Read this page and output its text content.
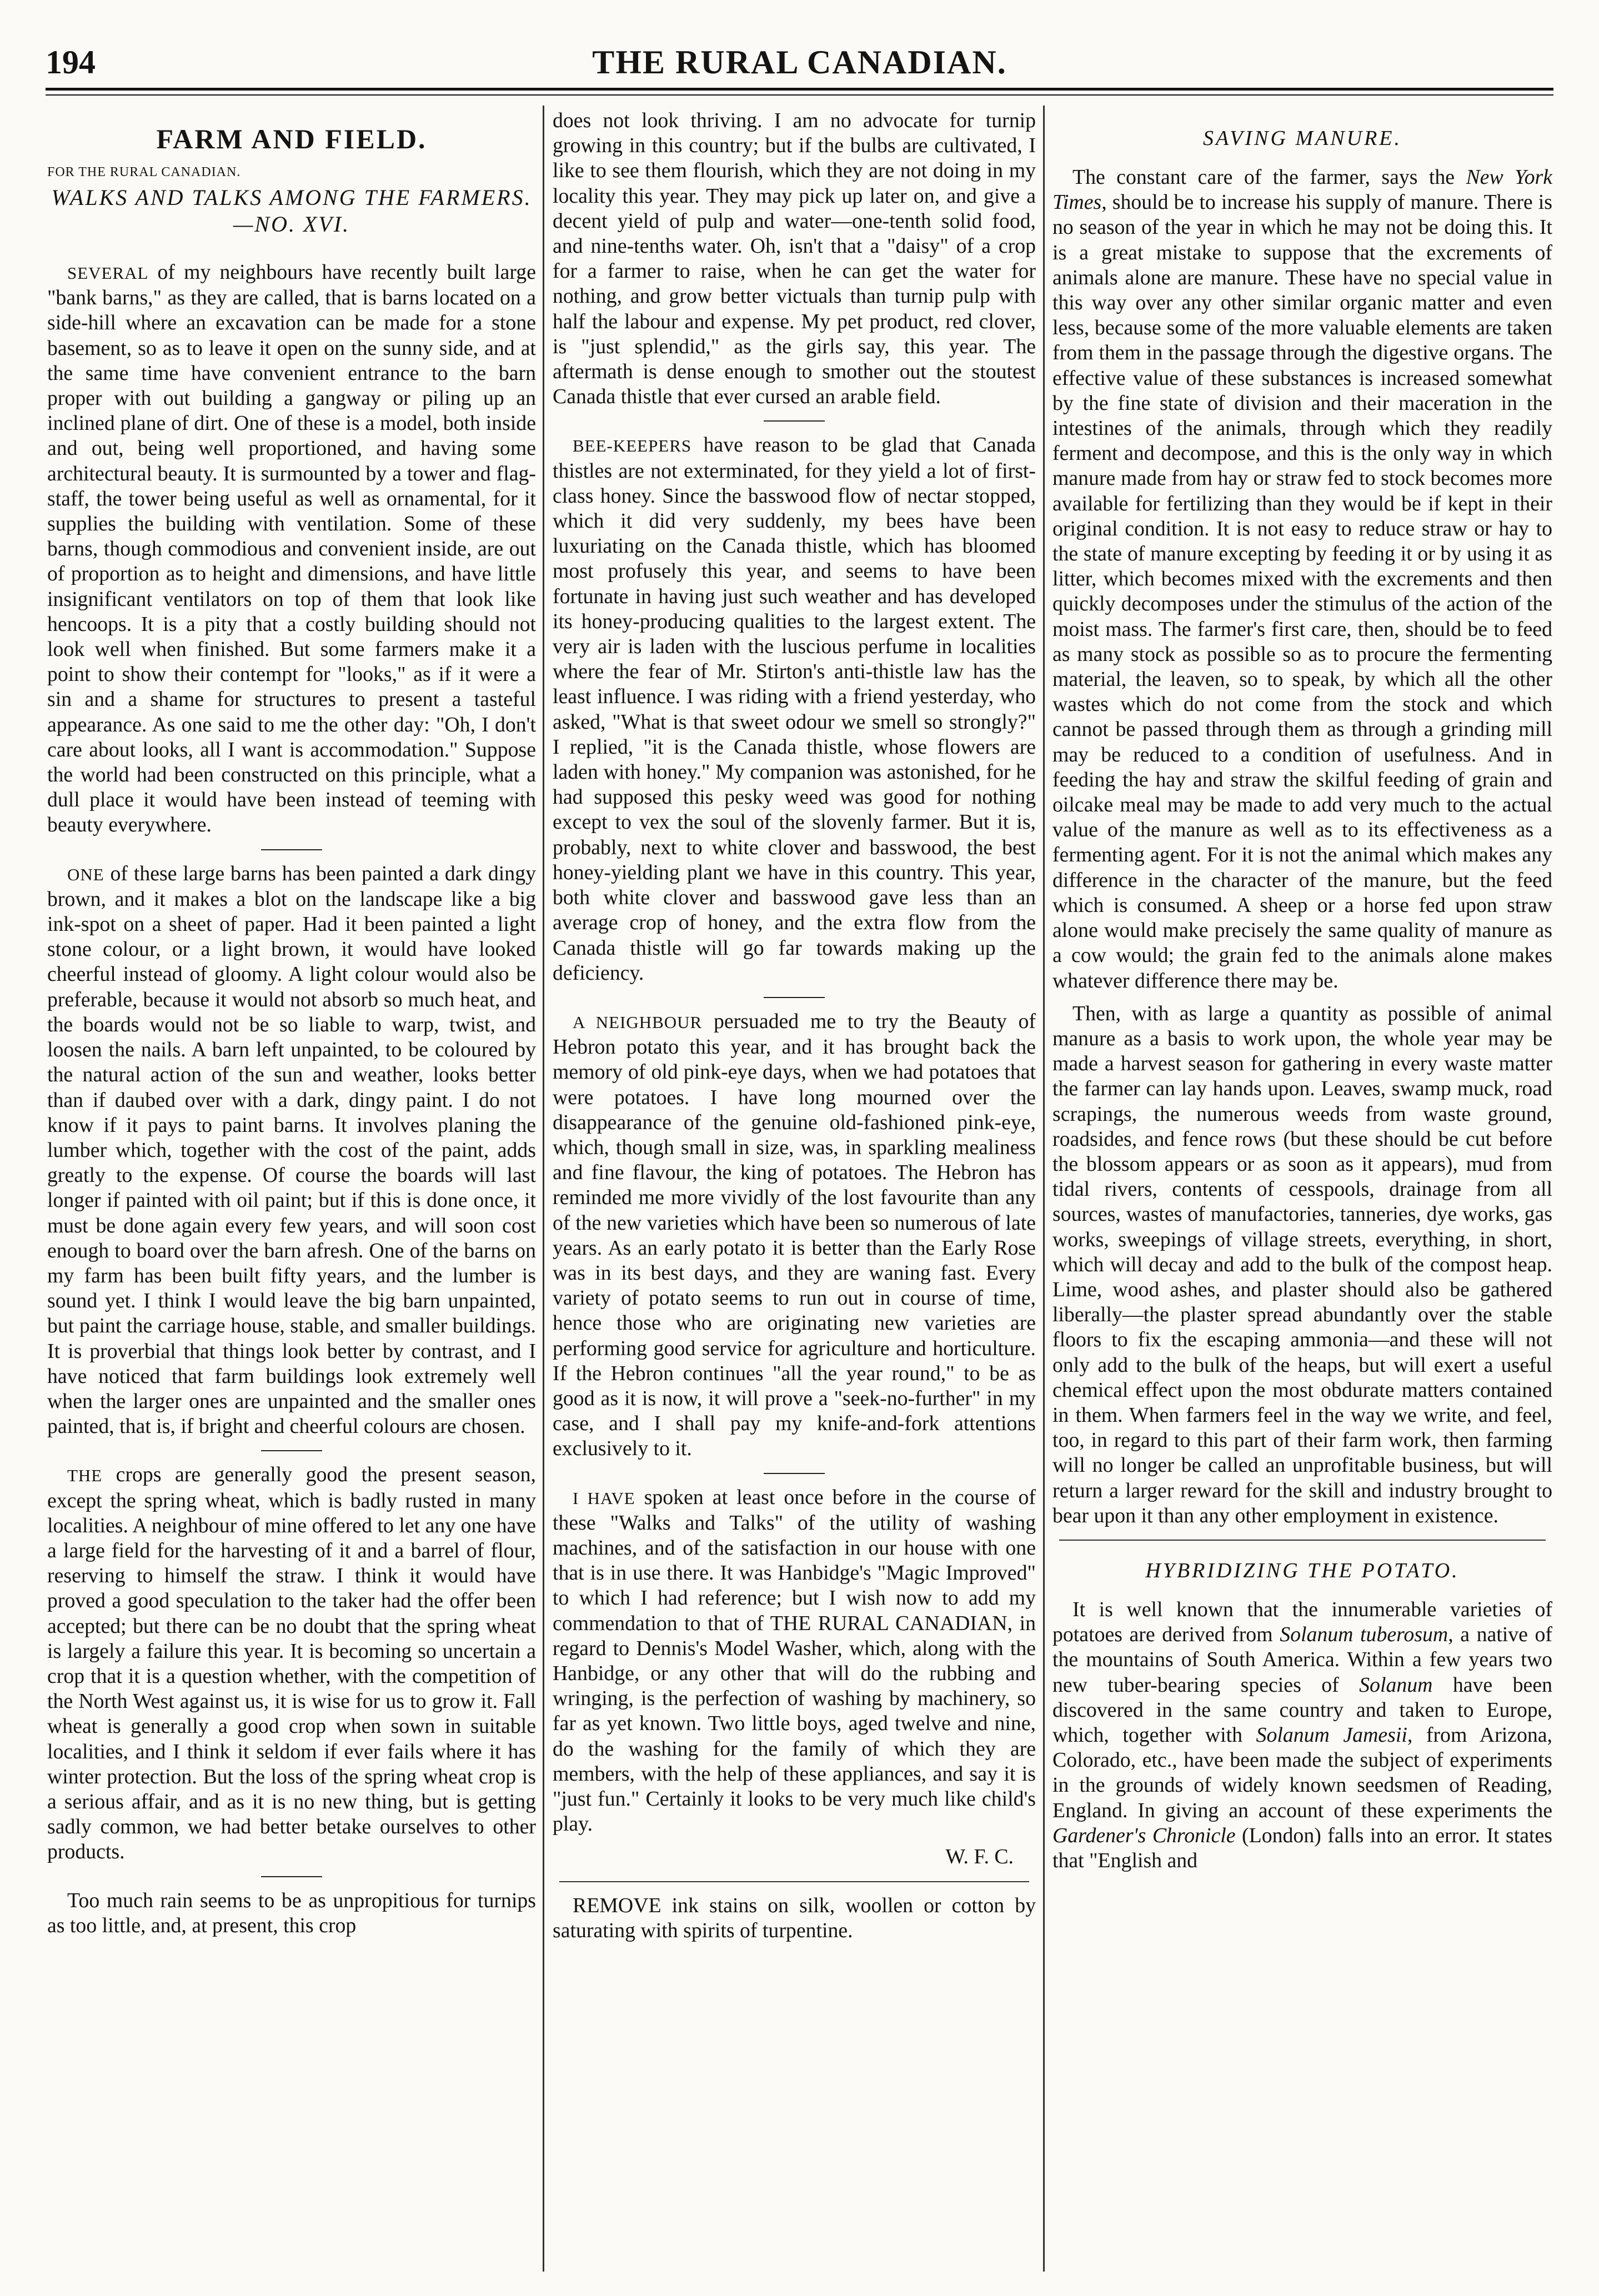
194	THE RURAL CANADIAN.
FARM AND FIELD.
FOR THE RURAL CANADIAN.
WALKS AND TALKS AMONG THE FARMERS.—NO. XVI.

SEVERAL of my neighbours have recently built large "bank barns," as they are called, that is barns located on a side-hill where an excavation can be made for a stone basement, so as to leave it open on the sunny side, and at the same time have convenient entrance to the barn proper with out building a gangway or piling up an inclined plane of dirt. One of these is a model, both inside and out, being well proportioned, and having some architectural beauty. It is surmounted by a tower and flag-staff, the tower being useful as well as ornamental, for it supplies the building with ventilation. Some of these barns, though commodious and convenient inside, are out of proportion as to height and dimensions, and have little insignificant ventilators on top of them that look like hencoops. It is a pity that a costly building should not look well when finished. But some farmers make it a point to show their contempt for "looks," as if it were a sin and a shame for structures to present a tasteful appearance. As one said to me the other day: "Oh, I don't care about looks, all I want is accommodation." Suppose the world had been constructed on this principle, what a dull place it would have been instead of teeming with beauty everywhere.

ONE of these large barns has been painted a dark dingy brown, and it makes a blot on the landscape like a big ink-spot on a sheet of paper. Had it been painted a light stone colour, or a light brown, it would have looked cheerful instead of gloomy. A light colour would also be preferable, because it would not absorb so much heat, and the boards would not be so liable to warp, twist, and loosen the nails. A barn left unpainted, to be coloured by the natural action of the sun and weather, looks better than if daubed over with a dark, dingy paint. I do not know if it pays to paint barns. It involves planing the lumber which, together with the cost of the paint, adds greatly to the expense. Of course the boards will last longer if painted with oil paint; but if this is done once, it must be done again every few years, and will soon cost enough to board over the barn afresh. One of the barns on my farm has been built fifty years, and the lumber is sound yet. I think I would leave the big barn unpainted, but paint the carriage house, stable, and smaller buildings. It is proverbial that things look better by contrast, and I have noticed that farm buildings look extremely well when the larger ones are unpainted and the smaller ones painted, that is, if bright and cheerful colours are chosen.

THE crops are generally good the present season, except the spring wheat, which is badly rusted in many localities. A neighbour of mine offered to let any one have a large field for the harvesting of it and a barrel of flour, reserving to himself the straw. I think it would have proved a good speculation to the taker had the offer been accepted; but there can be no doubt that the spring wheat is largely a failure this year. It is becoming so uncertain a crop that it is a question whether, with the competition of the North West against us, it is wise for us to grow it. Fall wheat is generally a good crop when sown in suitable localities, and I think it seldom if ever fails where it has winter protection. But the loss of the spring wheat crop is a serious affair, and as it is no new thing, but is getting sadly common, we had better betake ourselves to other products.

Too much rain seems to be as unpropitious for turnips as too little, and, at present, this crop

does not look thriving. I am no advocate for turnip growing in this country; but if the bulbs are cultivated, I like to see them flourish, which they are not doing in my locality this year. They may pick up later on, and give a decent yield of pulp and water—one-tenth solid food, and nine-tenths water. Oh, isn't that a "daisy" of a crop for a farmer to raise, when he can get the water for nothing, and grow better victuals than turnip pulp with half the labour and expense. My pet product, red clover, is "just splendid," as the girls say, this year. The aftermath is dense enough to smother out the stoutest Canada thistle that ever cursed an arable field.

BEE-KEEPERS have reason to be glad that Canada thistles are not exterminated, for they yield a lot of first-class honey. Since the basswood flow of nectar stopped, which it did very suddenly, my bees have been luxuriating on the Canada thistle, which has bloomed most profusely this year, and seems to have been fortunate in having just such weather and has developed its honey-producing qualities to the largest extent. The very air is laden with the luscious perfume in localities where the fear of Mr. Stirton's anti-thistle law has the least influence. I was riding with a friend yesterday, who asked, "What is that sweet odour we smell so strongly?" I replied, "it is the Canada thistle, whose flowers are laden with honey." My companion was astonished, for he had supposed this pesky weed was good for nothing except to vex the soul of the slovenly farmer. But it is, probably, next to white clover and basswood, the best honey-yielding plant we have in this country. This year, both white clover and basswood gave less than an average crop of honey, and the extra flow from the Canada thistle will go far towards making up the deficiency.

A NEIGHBOUR persuaded me to try the Beauty of Hebron potato this year, and it has brought back the memory of old pink-eye days, when we had potatoes that were potatoes. I have long mourned over the disappearance of the genuine old-fashioned pink-eye, which, though small in size, was, in sparkling mealiness and fine flavour, the king of potatoes. The Hebron has reminded me more vividly of the lost favourite than any of the new varieties which have been so numerous of late years. As an early potato it is better than the Early Rose was in its best days, and they are waning fast. Every variety of potato seems to run out in course of time, hence those who are originating new varieties are performing good service for agriculture and horticulture. If the Hebron continues "all the year round," to be as good as it is now, it will prove a "seek-no-further" in my case, and I shall pay my knife-and-fork attentions exclusively to it.

I HAVE spoken at least once before in the course of these "Walks and Talks" of the utility of washing machines, and of the satisfaction in our house with one that is in use there. It was Hanbidge's "Magic Improved" to which I had reference; but I wish now to add my commendation to that of THE RURAL CANADIAN, in regard to Dennis's Model Washer, which, along with the Hanbidge, or any other that will do the rubbing and wringing, is the perfection of washing by machinery, so far as yet known. Two little boys, aged twelve and nine, do the washing for the family of which they are members, with the help of these appliances, and say it is "just fun." Certainly it looks to be very much like child's play.

W. F. C.

REMOVE ink stains on silk, woollen or cotton by saturating with spirits of turpentine.

SAVING MANURE.

The constant care of the farmer, says the New York Times, should be to increase his supply of manure. There is no season of the year in which he may not be doing this. It is a great mistake to suppose that the excrements of animals alone are manure. These have no special value in this way over any other similar organic matter and even less, because some of the more valuable elements are taken from them in the passage through the digestive organs. The effective value of these substances is increased somewhat by the fine state of division and their maceration in the intestines of the animals, through which they readily ferment and decompose, and this is the only way in which manure made from hay or straw fed to stock becomes more available for fertilizing than they would be if kept in their original condition. It is not easy to reduce straw or hay to the state of manure excepting by feeding it or by using it as litter, which becomes mixed with the excrements and then quickly decomposes under the stimulus of the action of the moist mass. The farmer's first care, then, should be to feed as many stock as possible so as to procure the fermenting material, the leaven, so to speak, by which all the other wastes which do not come from the stock and which cannot be passed through them as through a grinding mill may be reduced to a condition of usefulness. And in feeding the hay and straw the skilful feeding of grain and oilcake meal may be made to add very much to the actual value of the manure as well as to its effectiveness as a fermenting agent. For it is not the animal which makes any difference in the character of the manure, but the feed which is consumed. A sheep or a horse fed upon straw alone would make precisely the same quality of manure as a cow would; the grain fed to the animals alone makes whatever difference there may be.

Then, with as large a quantity as possible of animal manure as a basis to work upon, the whole year may be made a harvest season for gathering in every waste matter the farmer can lay hands upon. Leaves, swamp muck, road scrapings, the numerous weeds from waste ground, roadsides, and fence rows (but these should be cut before the blossom appears or as soon as it appears), mud from tidal rivers, contents of cesspools, drainage from all sources, wastes of manufactories, tanneries, dye works, gas works, sweepings of village streets, everything, in short, which will decay and add to the bulk of the compost heap. Lime, wood ashes, and plaster should also be gathered liberally—the plaster spread abundantly over the stable floors to fix the escaping ammonia—and these will not only add to the bulk of the heaps, but will exert a useful chemical effect upon the most obdurate matters contained in them. When farmers feel in the way we write, and feel, too, in regard to this part of their farm work, then farming will no longer be called an unprofitable business, but will return a larger reward for the skill and industry brought to bear upon it than any other employment in existence.

HYBRIDIZING THE POTATO.

It is well known that the innumerable varieties of potatoes are derived from Solanum tuberosum, a native of the mountains of South America. Within a few years two new tuber-bearing species of Solanum have been discovered in the same country and taken to Europe, which, together with Solanum Jamesii, from Arizona, Colorado, etc., have been made the subject of experiments in the grounds of widely known seedsmen of Reading, England. In giving an account of these experiments the Gardener's Chronicle (London) falls into an error. It states that "English and
